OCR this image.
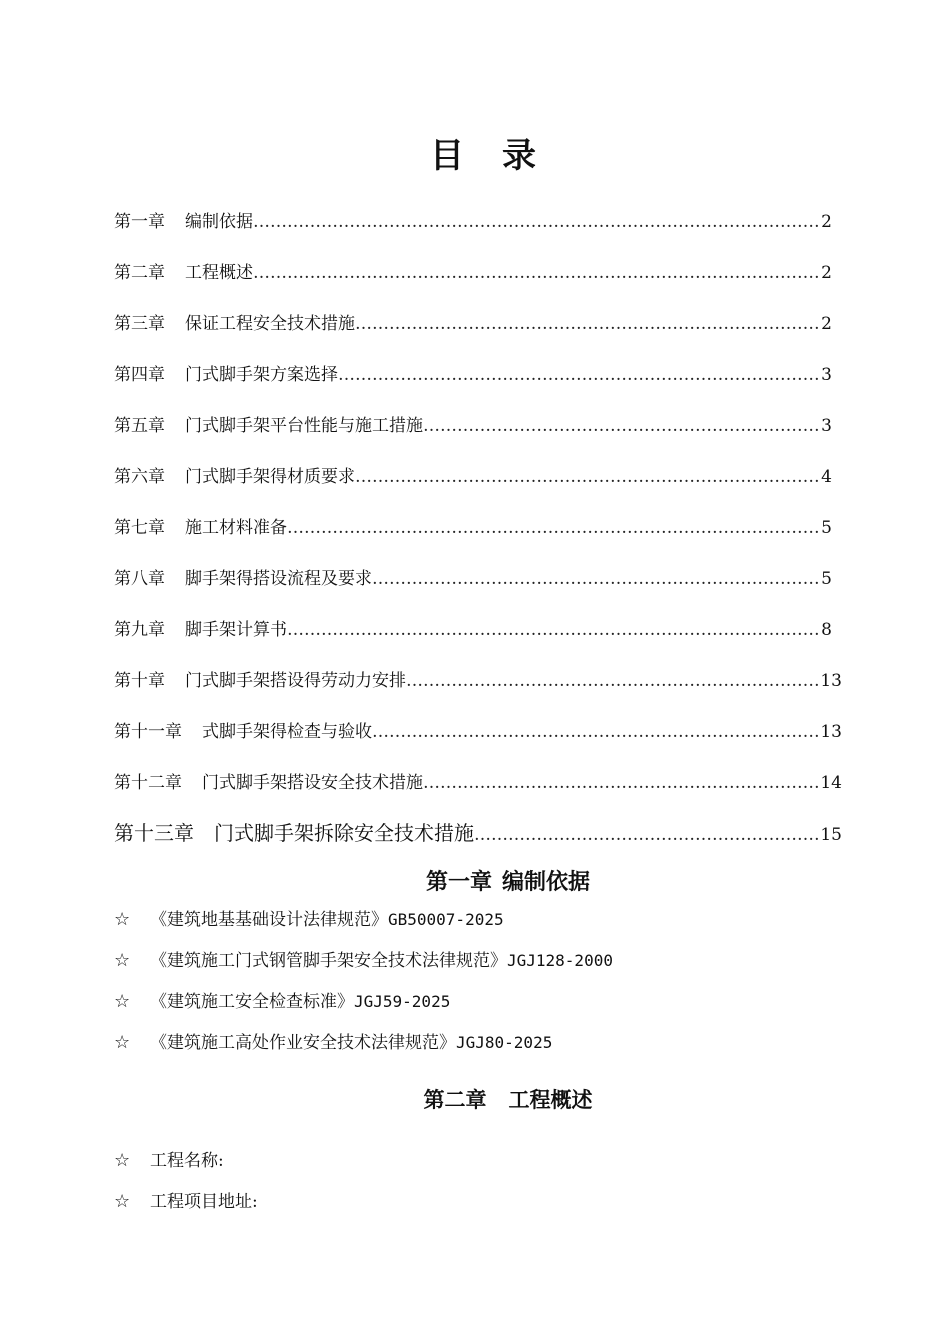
目 录
第一章 编制依据 ……………………………………………………………………………………………………………………………………………………………………	2
第二章 工程概述 ……………………………………………………………………………………………………………………………………………………………………	2
第三章 保证工程安全技术措施 ……………………………………………………………………………………………………………………………………………………………………	2
第四章 门式脚手架方案选择 ……………………………………………………………………………………………………………………………………………………………………	3
第五章 门式脚手架平台性能与施工措施 ……………………………………………………………………………………………………………………………………………………………………	3
第六章 门式脚手架得材质要求 ……………………………………………………………………………………………………………………………………………………………………	4
第七章 施工材料准备 ……………………………………………………………………………………………………………………………………………………………………	5
第八章 脚手架得搭设流程及要求 ……………………………………………………………………………………………………………………………………………………………………	5
第九章 脚手架计算书 ……………………………………………………………………………………………………………………………………………………………………	8
第十章 门式脚手架搭设得劳动力安排 ……………………………………………………………………………………………………………………………………………………………………	13
第十一章 式脚手架得检查与验收 ……………………………………………………………………………………………………………………………………………………………………	13
第十二章 门式脚手架搭设安全技术措施 ……………………………………………………………………………………………………………………………………………………………………	14
第十三章 门式脚手架拆除安全技术措施 ……………………………………………………………………………………………………………………………………………………………………	15
第一章 编制依据
☆	《建筑地基基础设计法律规范》 GB50007-2025
☆	《建筑施工门式钢管脚手架安全技术法律规范》 JGJ128-2000
☆	《建筑施工安全检查标准》 JGJ59-2025
☆	《建筑施工高处作业安全技术法律规范》 JGJ80-2025
第二章 工程概述
☆	工程名称:
☆	工程项目地址:
